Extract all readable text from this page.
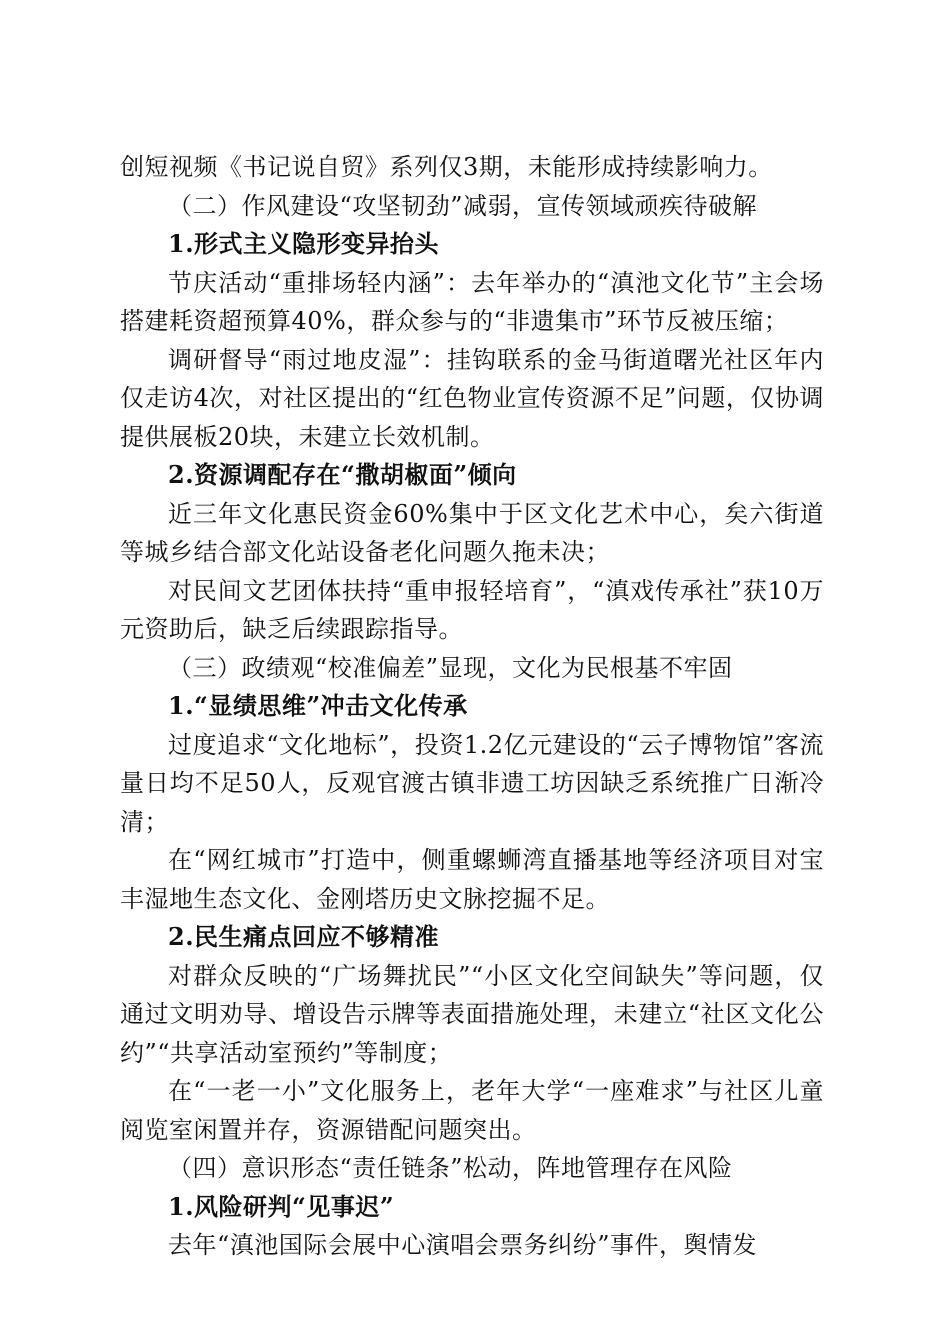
创短视频《书记说自贸》系列仅3期，未能形成持续影响力。

（二）作风建设“攻坚韧劲”减弱，宣传领域顽疾待破解

1.形式主义隐形变异抬头

节庆活动“重排场轻内涵”：去年举办的“滇池文化节”主会场搭建耗资超预算40%，群众参与的“非遗集市”环节反被压缩；

调研督导“雨过地皮湿”：挂钩联系的金马街道曙光社区年内仅走访4次，对社区提出的“红色物业宣传资源不足”问题，仅协调提供展板20块，未建立长效机制。

2.资源调配存在“撒胡椒面”倾向

近三年文化惠民资金60%集中于区文化艺术中心，矣六街道等城乡结合部文化站设备老化问题久拖未决；

对民间文艺团体扶持“重申报轻培育”，“滇戏传承社”获10万元资助后，缺乏后续跟踪指导。

（三）政绩观“校准偏差”显现，文化为民根基不牢固

1.“显绩思维”冲击文化传承

过度追求“文化地标”，投资1.2亿元建设的“云子博物馆”客流量日均不足50人，反观官渡古镇非遗工坊因缺乏系统推广日渐冷清；

在“网红城市”打造中，侧重螺蛳湾直播基地等经济项目对宝丰湿地生态文化、金刚塔历史文脉挖掘不足。

2.民生痛点回应不够精准

对群众反映的“广场舞扰民”“小区文化空间缺失”等问题，仅通过文明劝导、增设告示牌等表面措施处理，未建立“社区文化公约”“共享活动室预约”等制度；

在“一老一小”文化服务上，老年大学“一座难求”与社区儿童阅览室闲置并存，资源错配问题突出。

（四）意识形态“责任链条”松动，阵地管理存在风险

1.风险研判“见事迟”

去年“滇池国际会展中心演唱会票务纠纷”事件，舆情发
